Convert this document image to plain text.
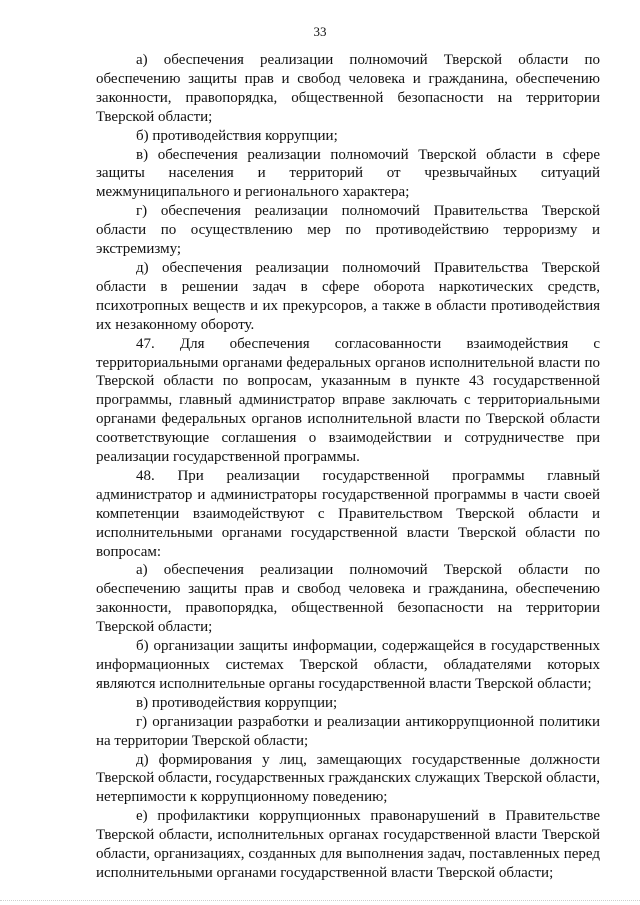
33

а) обеспечения реализации полномочий Тверской области по обеспечению защиты прав и свобод человека и гражданина, обеспечению законности, правопорядка, общественной безопасности на территории Тверской области;

б) противодействия коррупции;

в) обеспечения реализации полномочий Тверской области в сфере защиты населения и территорий от чрезвычайных ситуаций межмуниципального и регионального характера;

г) обеспечения реализации полномочий Правительства Тверской области по осуществлению мер по противодействию терроризму и экстремизму;

д) обеспечения реализации полномочий Правительства Тверской области в решении задач в сфере оборота наркотических средств, психотропных веществ и их прекурсоров, а также в области противодействия их незаконному обороту.

47. Для обеспечения согласованности взаимодействия с территориальными органами федеральных органов исполнительной власти по Тверской области по вопросам, указанным в пункте 43 государственной программы, главный администратор вправе заключать с территориальными органами федеральных органов исполнительной власти по Тверской области соответствующие соглашения о взаимодействии и сотрудничестве при реализации государственной программы.

48. При реализации государственной программы главный администратор и администраторы государственной программы в части своей компетенции взаимодействуют с Правительством Тверской области и исполнительными органами государственной власти Тверской области по вопросам:

а) обеспечения реализации полномочий Тверской области по обеспечению защиты прав и свобод человека и гражданина, обеспечению законности, правопорядка, общественной безопасности на территории Тверской области;

б) организации защиты информации, содержащейся в государственных информационных системах Тверской области, обладателями которых являются исполнительные органы государственной власти Тверской области;

в) противодействия коррупции;

г) организации разработки и реализации антикоррупционной политики на территории Тверской области;

д) формирования у лиц, замещающих государственные должности Тверской области, государственных гражданских служащих Тверской области, нетерпимости к коррупционному поведению;

е) профилактики коррупционных правонарушений в Правительстве Тверской области, исполнительных органах государственной власти Тверской области, организациях, созданных для выполнения задач, поставленных перед исполнительными органами государственной власти Тверской области;
